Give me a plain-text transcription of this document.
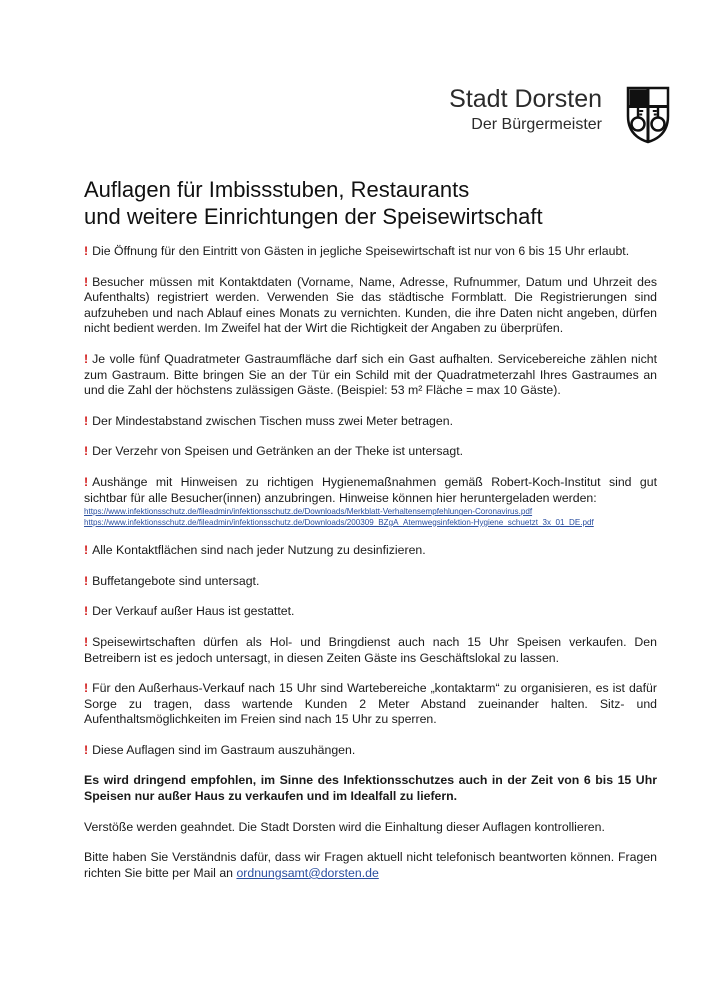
Stadt Dorsten
Der Bürgermeister
Auflagen für Imbissstuben, Restaurants
und weitere Einrichtungen der Speisewirtschaft

! Die Öffnung für den Eintritt von Gästen in jegliche Speisewirtschaft ist nur von 6 bis 15 Uhr erlaubt.

! Besucher müssen mit Kontaktdaten (Vorname, Name, Adresse, Rufnummer, Datum und Uhrzeit des Aufenthalts) registriert werden. Verwenden Sie das städtische Formblatt. Die Registrierungen sind aufzuheben und nach Ablauf eines Monats zu vernichten. Kunden, die ihre Daten nicht angeben, dürfen nicht bedient werden. Im Zweifel hat der Wirt die Richtigkeit der Angaben zu überprüfen.

! Je volle fünf Quadratmeter Gastraumfläche darf sich ein Gast aufhalten. Servicebereiche zählen nicht zum Gastraum. Bitte bringen Sie an der Tür ein Schild mit der Quadratmeterzahl Ihres Gastraumes an und die Zahl der höchstens zulässigen Gäste. (Beispiel: 53 m² Fläche = max 10 Gäste).

! Der Mindestabstand zwischen Tischen muss zwei Meter betragen.

! Der Verzehr von Speisen und Getränken an der Theke ist untersagt.

! Aushänge mit Hinweisen zu richtigen Hygienemaßnahmen gemäß Robert-Koch-Institut sind gut sichtbar für alle Besucher(innen) anzubringen. Hinweise können hier heruntergeladen werden:
https://www.infektionsschutz.de/fileadmin/infektionsschutz.de/Downloads/Merkblatt-Verhaltensempfehlungen-Coronavirus.pdf
https://www.infektionsschutz.de/fileadmin/infektionsschutz.de/Downloads/200309_BZgA_Atemwegsinfektion-Hygiene_schuetzt_3x_01_DE.pdf

! Alle Kontaktflächen sind nach jeder Nutzung zu desinfizieren.

! Buffetangebote sind untersagt.

! Der Verkauf außer Haus ist gestattet.

! Speisewirtschaften dürfen als Hol- und Bringdienst auch nach 15 Uhr Speisen verkaufen. Den Betreibern ist es jedoch untersagt, in diesen Zeiten Gäste ins Geschäftslokal zu lassen.

! Für den Außerhaus-Verkauf nach 15 Uhr sind Wartebereiche „kontaktarm“ zu organisieren, es ist dafür Sorge zu tragen, dass wartende Kunden 2 Meter Abstand zueinander halten. Sitz- und Aufenthaltsmöglichkeiten im Freien sind nach 15 Uhr zu sperren.

! Diese Auflagen sind im Gastraum auszuhängen.

Es wird dringend empfohlen, im Sinne des Infektionsschutzes auch in der Zeit von 6 bis 15 Uhr Speisen nur außer Haus zu verkaufen und im Idealfall zu liefern.

Verstöße werden geahndet. Die Stadt Dorsten wird die Einhaltung dieser Auflagen kontrollieren.

Bitte haben Sie Verständnis dafür, dass wir Fragen aktuell nicht telefonisch beantworten können. Fragen richten Sie bitte per Mail an ordnungsamt@dorsten.de
